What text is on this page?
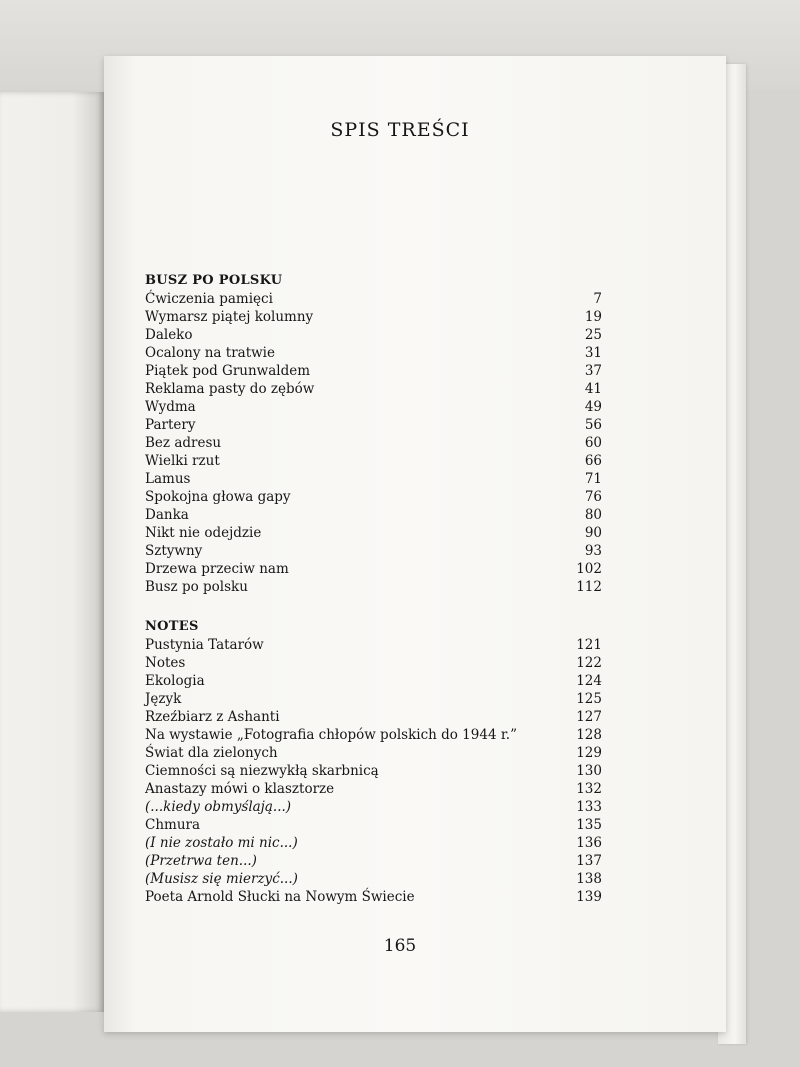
SPIS TREŚCI
BUSZ PO POLSKU
Ćwiczenia pamięci	7
Wymarsz piątej kolumny	19
Daleko	25
Ocalony na tratwie	31
Piątek pod Grunwaldem	37
Reklama pasty do zębów	41
Wydma	49
Partery	56
Bez adresu	60
Wielki rzut	66
Lamus	71
Spokojna głowa gapy	76
Danka	80
Nikt nie odejdzie	90
Sztywny	93
Drzewa przeciw nam	102
Busz po polsku	112
NOTES
Pustynia Tatarów	121
Notes	122
Ekologia	124
Język	125
Rzeźbiarz z Ashanti	127
Na wystawie „Fotografia chłopów polskich do 1944 r.”	128
Świat dla zielonych	129
Ciemności są niezwykłą skarbnicą	130
Anastazy mówi o klasztorze	132
(...kiedy obmyślają...)	133
Chmura	135
(I nie zostało mi nic...)	136
(Przetrwa ten...)	137
(Musisz się mierzyć...)	138
Poeta Arnold Słucki na Nowym Świecie	139
165
